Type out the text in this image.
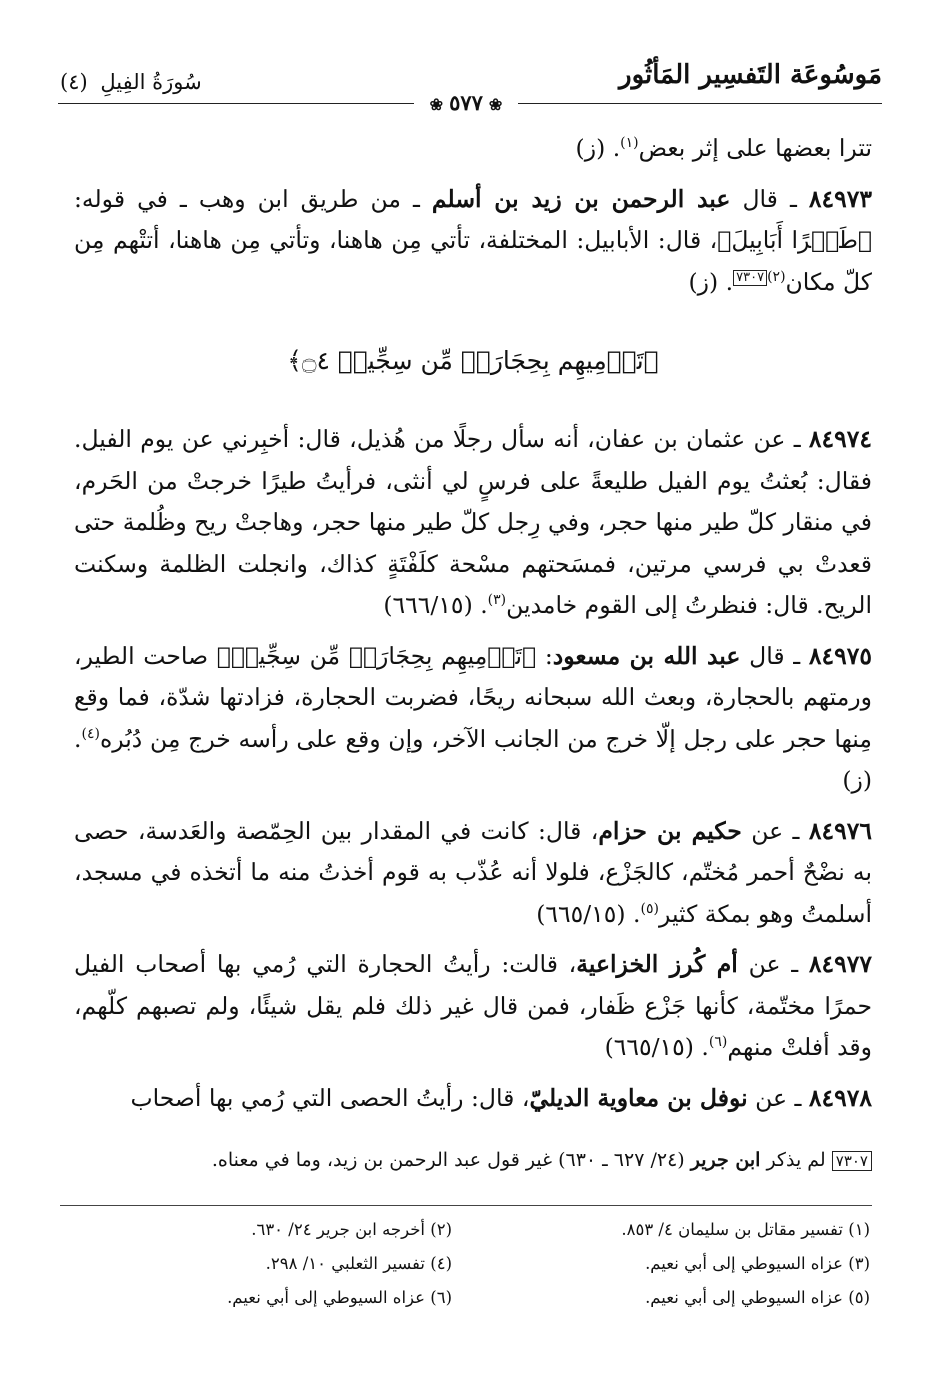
مَوسُوعَة التَفسِير المَأثُور
سُورَةُ الفِيلِ (٤)
❀٥٧٧❀

تترا بعضها على إثر بعض$^{(١)}$. (ز)

٨٤٩٧٣ ـ قال عبد الرحمن بن زيد بن أسلم ـ من طريق ابن وهب ـ في قوله: ﴿طَيۡرًا أَبَابِيلَ﴾، قال: الأبابيل: المختلفة، تأتي مِن هاهنا، وتأتي مِن هاهنا، أتتْهم مِن كلّ مكان$^{(٢)}$٧٣٠٧. (ز)

﴿تَرۡمِيهِم بِحِجَارَةٖ مِّن سِجِّيلٖ ۝٤﴾

٨٤٩٧٤ ـ عن عثمان بن عفان، أنه سأل رجلًا من هُذيل، قال: أخبِرني عن يوم الفيل. فقال: بُعثتُ يوم الفيل طليعةً على فرسٍ لي أنثى، فرأيتُ طيرًا خرجتْ من الحَرم، في منقار كلّ طير منها حجر، وفي رِجل كلّ طير منها حجر، وهاجتْ ريح وظُلمة حتى قعدتْ بي فرسي مرتين، فمسَحتهم مسْحة كلَفْتَةٍ كذاك، وانجلت الظلمة وسكنت الريح. قال: فنظرتُ إلى القوم خامدين$^{(٣)}$. (٦٦٦/١٥)

٨٤٩٧٥ ـ قال عبد الله بن مسعود: ﴿تَرۡمِيهِم بِحِجَارَةٖ مِّن سِجِّيلٖ﴾ صاحت الطير، ورمتهم بالحجارة، وبعث الله سبحانه ريحًا، فضربت الحجارة، فزادتها شدّة، فما وقع مِنها حجر على رجل إلّا خرج من الجانب الآخر، وإن وقع على رأسه خرج مِن دُبُره$^{(٤)}$. (ز)

٨٤٩٧٦ ـ عن حكيم بن حزام، قال: كانت في المقدار بين الحِمّصة والعَدسة، حصى به نضْحٌ أحمر مُختّم، كالجَزْع، فلولا أنه عُذّب به قوم أخذتُ منه ما أتخذه في مسجد، أسلمتُ وهو بمكة كثير$^{(٥)}$. (٦٦٥/١٥)

٨٤٩٧٧ ـ عن أم كُرز الخزاعية، قالت: رأيتُ الحجارة التي رُمي بها أصحاب الفيل حمرًا مختّمة، كأنها جَزْع ظَفار، فمن قال غير ذلك فلم يقل شيئًا، ولم تصبهم كلّهم، وقد أفلتْ منهم$^{(٦)}$. (٦٦٥/١٥)

٨٤٩٧٨ ـ عن نوفل بن معاوية الديليّ، قال: رأيتُ الحصى التي رُمي بها أصحاب

٧٣٠٧ لم يذكر ابن جرير (٢٤/ ٦٢٧ ـ ٦٣٠) غير قول عبد الرحمن بن زيد، وما في معناه.
(١) تفسير مقاتل بن سليمان ٤/ ٨٥٣.
(٢) أخرجه ابن جرير ٢٤/ ٦٣٠.
(٣) عزاه السيوطي إلى أبي نعيم.
(٤) تفسير الثعلبي ١٠/ ٢٩٨.
(٥) عزاه السيوطي إلى أبي نعيم.
(٦) عزاه السيوطي إلى أبي نعيم.
